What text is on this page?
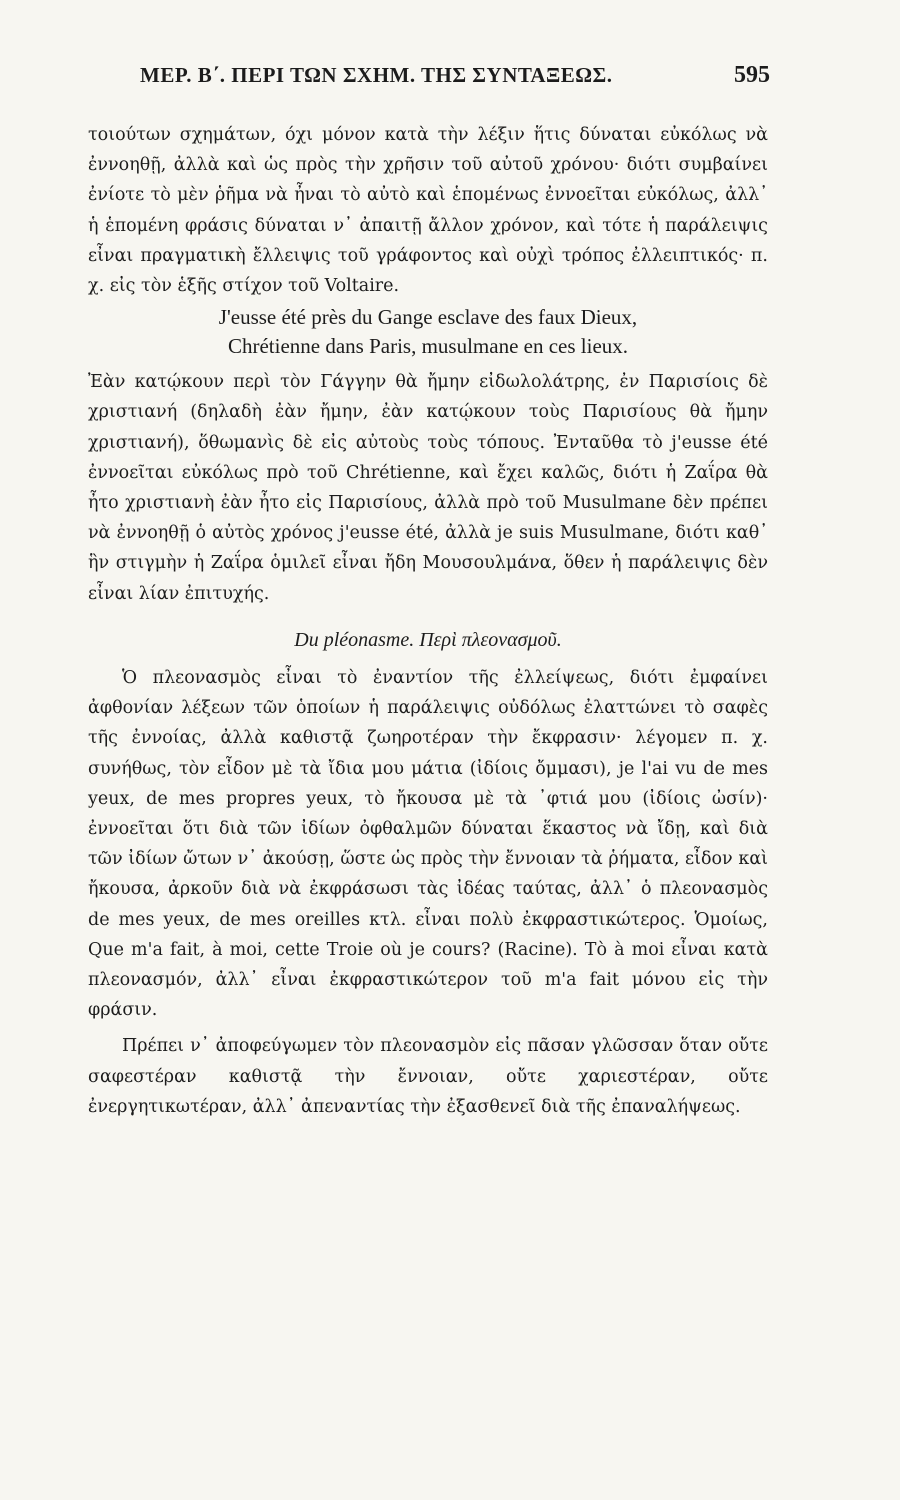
ΜΕΡ. Β΄. ΠΕΡΙ ΤΩΝ ΣΧΗΜ. ΤΗΣ ΣΥΝΤΑΞΕΩΣ.	595

τοιούτων σχημάτων, όχι μόνον κατὰ τὴν λέξιν ἥτις δύναται εὐκόλως νὰ ἐννοηθῇ, ἀλλὰ καὶ ὡς πρὸς τὴν χρῆσιν τοῦ αὐτοῦ χρόνου· διότι συμβαίνει ἐνίοτε τὸ μὲν ῥῆμα νὰ ἦναι τὸ αὐτὸ καὶ ἑπομένως ἐννοεῖται εὐκόλως, ἀλλ᾽ ἡ ἑπομένη φράσις δύναται ν᾽ ἀπαιτῇ ἄλλον χρόνον, καὶ τότε ἡ παράλειψις εἶναι πραγματικὴ ἔλλειψις τοῦ γράφοντος καὶ οὐχὶ τρόπος ἐλλειπτικός· π. χ. εἰς τὸν ἑξῆς στίχον τοῦ Voltaire.

J'eusse été près du Gange esclave des faux Dieux,
Chrétienne dans Paris, musulmane en ces lieux.

Ἐὰν κατῴκουν περὶ τὸν Γάγγην θὰ ἤμην εἰδωλολάτρης, ἐν Παρισίοις δὲ χριστιανή (δηλαδὴ ἐὰν ἤμην, ἐὰν κατῴκουν τοὺς Παρισίους θὰ ἤμην χριστιανή), ὅθωμανὶς δὲ εἰς αὐτοὺς τοὺς τόπους. Ἐνταῦθα τὸ j'eusse été ἐννοεῖται εὐκόλως πρὸ τοῦ Chrétienne, καὶ ἔχει καλῶς, διότι ἡ Ζαΐρα θὰ ἦτο χριστιανὴ ἐὰν ἦτο εἰς Παρισίους, ἀλλὰ πρὸ τοῦ Musulmane δὲν πρέπει νὰ ἐννοηθῇ ὁ αὐτὸς χρόνος j'eusse été, ἀλλὰ je suis Musulmane, διότι καθ᾽ ἣν στιγμὴν ἡ Ζαΐρα ὁμιλεῖ εἶναι ἤδη Μουσουλμάνα, ὅθεν ἡ παράλειψις δὲν εἶναι λίαν ἐπιτυχής.

Du pléonasme. Περὶ πλεονασμοῦ.

Ὁ πλεονασμὸς εἶναι τὸ ἐναντίον τῆς ἐλλείψεως, διότι ἐμφαίνει ἀφθονίαν λέξεων τῶν ὁποίων ἡ παράλειψις οὐδόλως ἐλαττώνει τὸ σαφὲς τῆς ἐννοίας, ἀλλὰ καθιστᾷ ζωηροτέραν τὴν ἔκφρασιν· λέγομεν π. χ. συνήθως, τὸν εἶδον μὲ τὰ ἴδια μου μάτια (ἰδίοις ὄμμασι), je l'ai vu de mes yeux, de mes propres yeux, τὸ ἤκουσα μὲ τὰ ᾽φτιά μου (ἰδίοις ὠσίν)· ἐννοεῖται ὅτι διὰ τῶν ἰδίων ὀφθαλμῶν δύναται ἕκαστος νὰ ἴδῃ, καὶ διὰ τῶν ἰδίων ὤτων ν᾽ ἀκούσῃ, ὥστε ὡς πρὸς τὴν ἔννοιαν τὰ ῥήματα, εἶδον καὶ ἤκουσα, ἀρκοῦν διὰ νὰ ἐκφράσωσι τὰς ἰδέας ταύτας, ἀλλ᾽ ὁ πλεονασμὸς de mes yeux, de mes oreilles κτλ. εἶναι πολὺ ἐκφραστικώτερος. Ὁμοίως, Que m'a fait, à moi, cette Troie où je cours? (Racine). Τὸ à moi εἶναι κατὰ πλεονασμόν, ἀλλ᾽ εἶναι ἐκφραστικώτερον τοῦ m'a fait μόνου εἰς τὴν φράσιν.

Πρέπει ν᾽ ἀποφεύγωμεν τὸν πλεονασμὸν εἰς πᾶσαν γλῶσσαν ὅταν οὔτε σαφεστέραν καθιστᾷ τὴν ἔννοιαν, οὔτε χαριεστέραν, οὔτε ἐνεργητικωτέραν, ἀλλ᾽ ἀπεναντίας τὴν ἐξασθενεῖ διὰ τῆς ἐπαναλήψεως.
